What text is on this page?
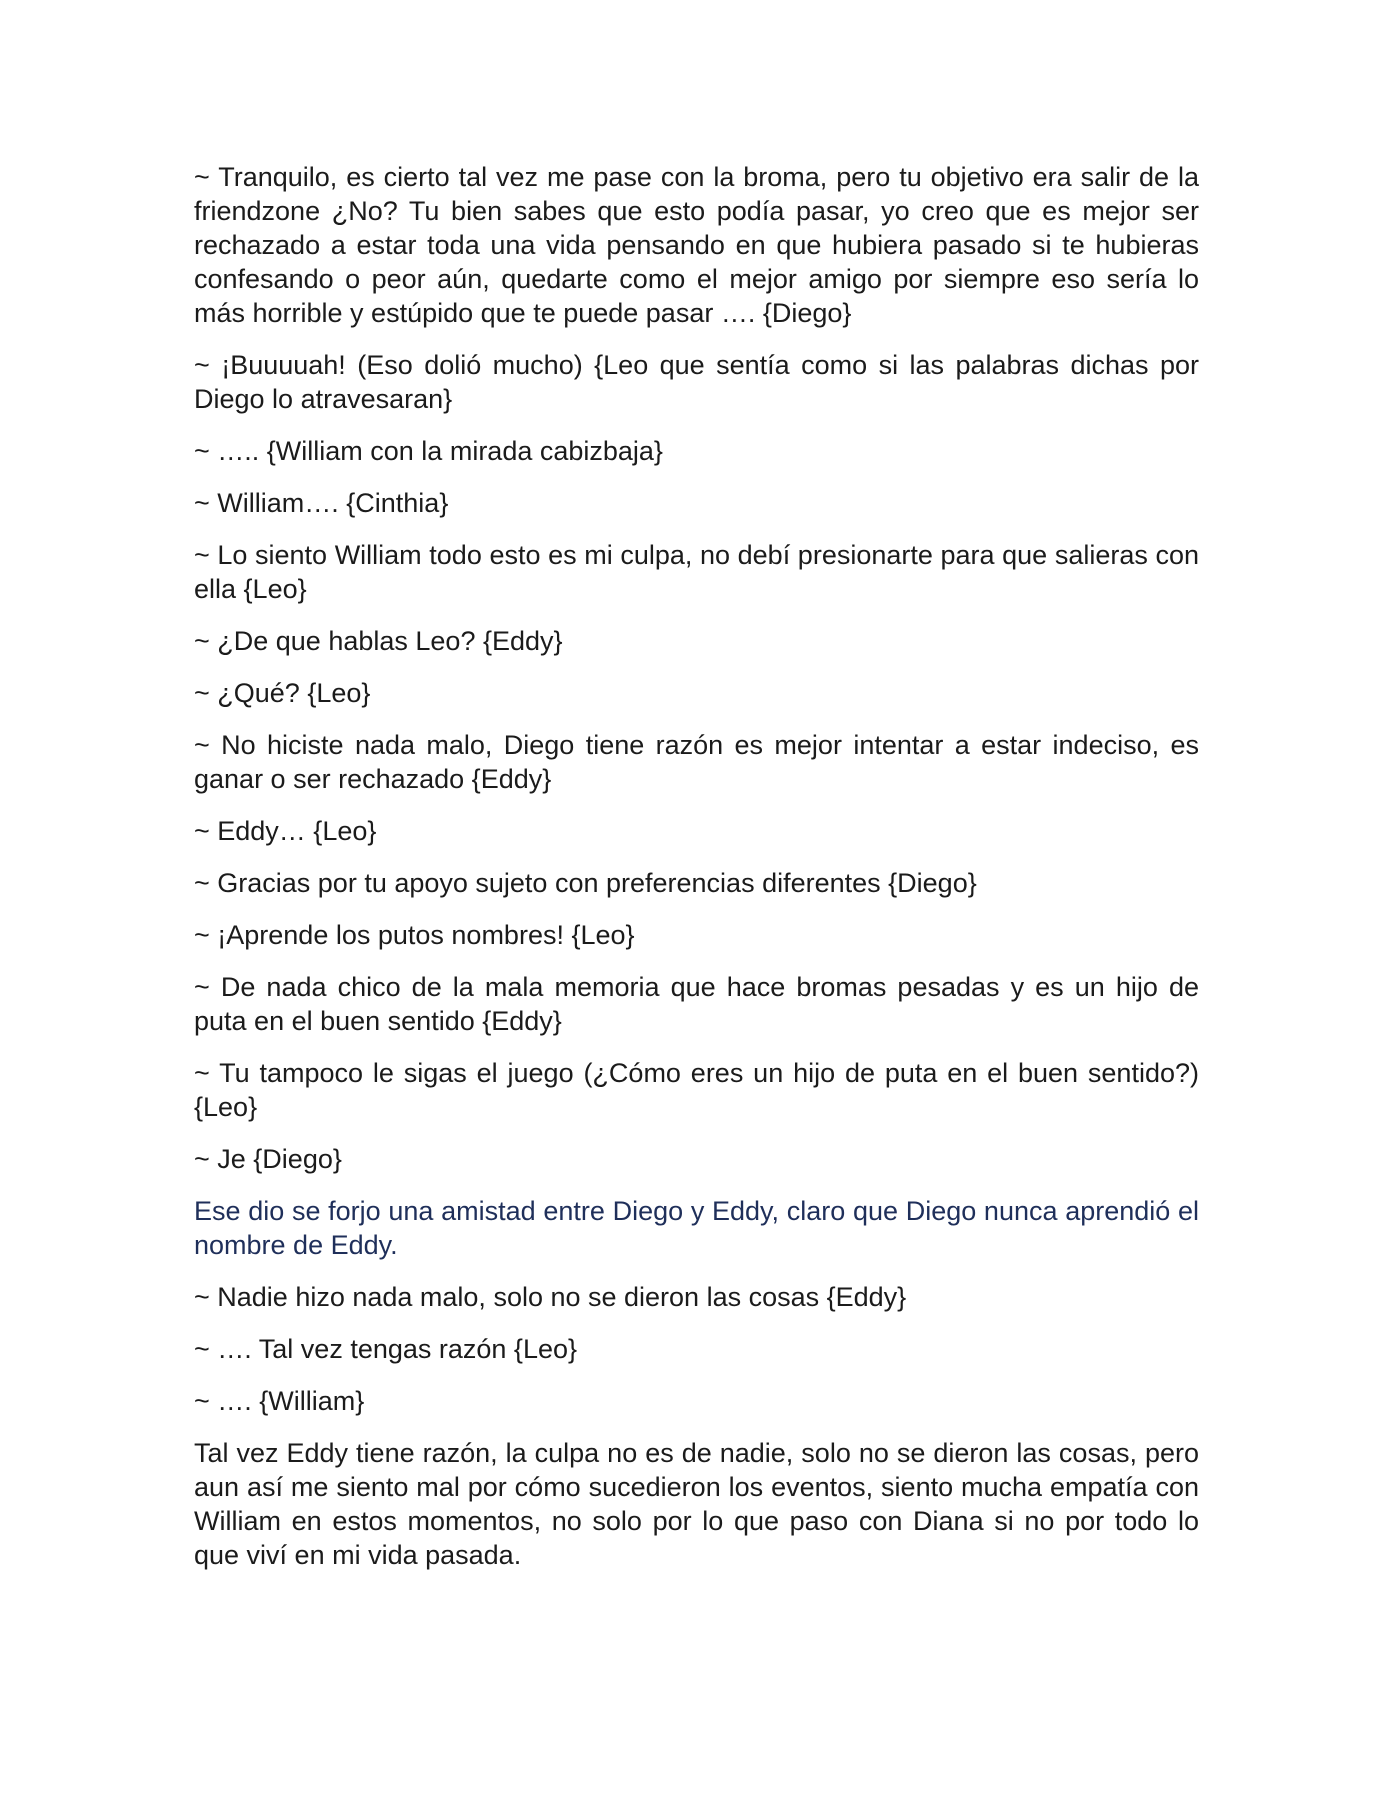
~ Tranquilo, es cierto tal vez me pase con la broma, pero tu objetivo era salir de la friendzone ¿No? Tu bien sabes que esto podía pasar, yo creo que es mejor ser rechazado a estar toda una vida pensando en que hubiera pasado si te hubieras confesando o peor aún, quedarte como el mejor amigo por siempre eso sería lo más horrible y estúpido que te puede pasar …. {Diego}

~ ¡Buuuuah! (Eso dolió mucho) {Leo que sentía como si las palabras dichas por Diego lo atravesaran}

~ ….. {William con la mirada cabizbaja}

~ William…. {Cinthia}

~ Lo siento William todo esto es mi culpa, no debí presionarte para que salieras con ella {Leo}

~ ¿De que hablas Leo? {Eddy}

~ ¿Qué? {Leo}

~ No hiciste nada malo, Diego tiene razón es mejor intentar a estar indeciso, es ganar o ser rechazado {Eddy}

~ Eddy… {Leo}

~ Gracias por tu apoyo sujeto con preferencias diferentes {Diego}

~ ¡Aprende los putos nombres! {Leo}

~ De nada chico de la mala memoria que hace bromas pesadas y es un hijo de puta en el buen sentido {Eddy}

~ Tu tampoco le sigas el juego (¿Cómo eres un hijo de puta en el buen sentido?) {Leo}

~ Je {Diego}

Ese dio se forjo una amistad entre Diego y Eddy, claro que Diego nunca aprendió el nombre de Eddy.

~ Nadie hizo nada malo, solo no se dieron las cosas {Eddy}

~ …. Tal vez tengas razón {Leo}

~ …. {William}

Tal vez Eddy tiene razón, la culpa no es de nadie, solo no se dieron las cosas, pero aun así me siento mal por cómo sucedieron los eventos, siento mucha empatía con William en estos momentos, no solo por lo que paso con Diana si no por todo lo que viví en mi vida pasada.
